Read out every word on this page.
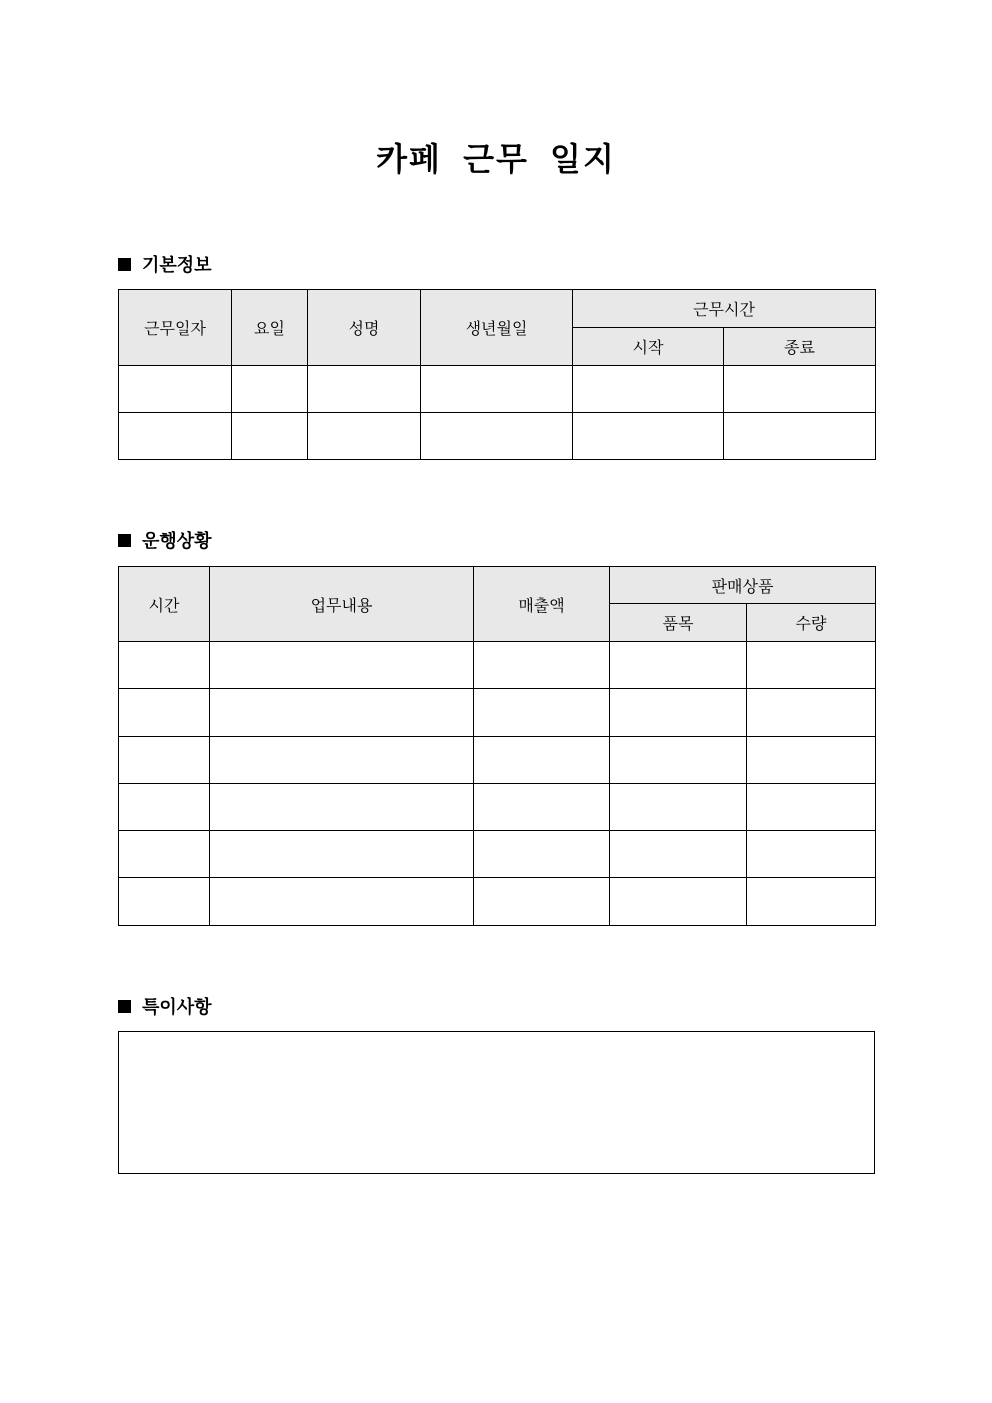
카페 근무 일지
기본정보
근무일자	요일	성명	생년월일	근무시간	
				시작	종료

운행상황
시간	업무내용	매출액	판매상품	
			품목	수량

특이사항
